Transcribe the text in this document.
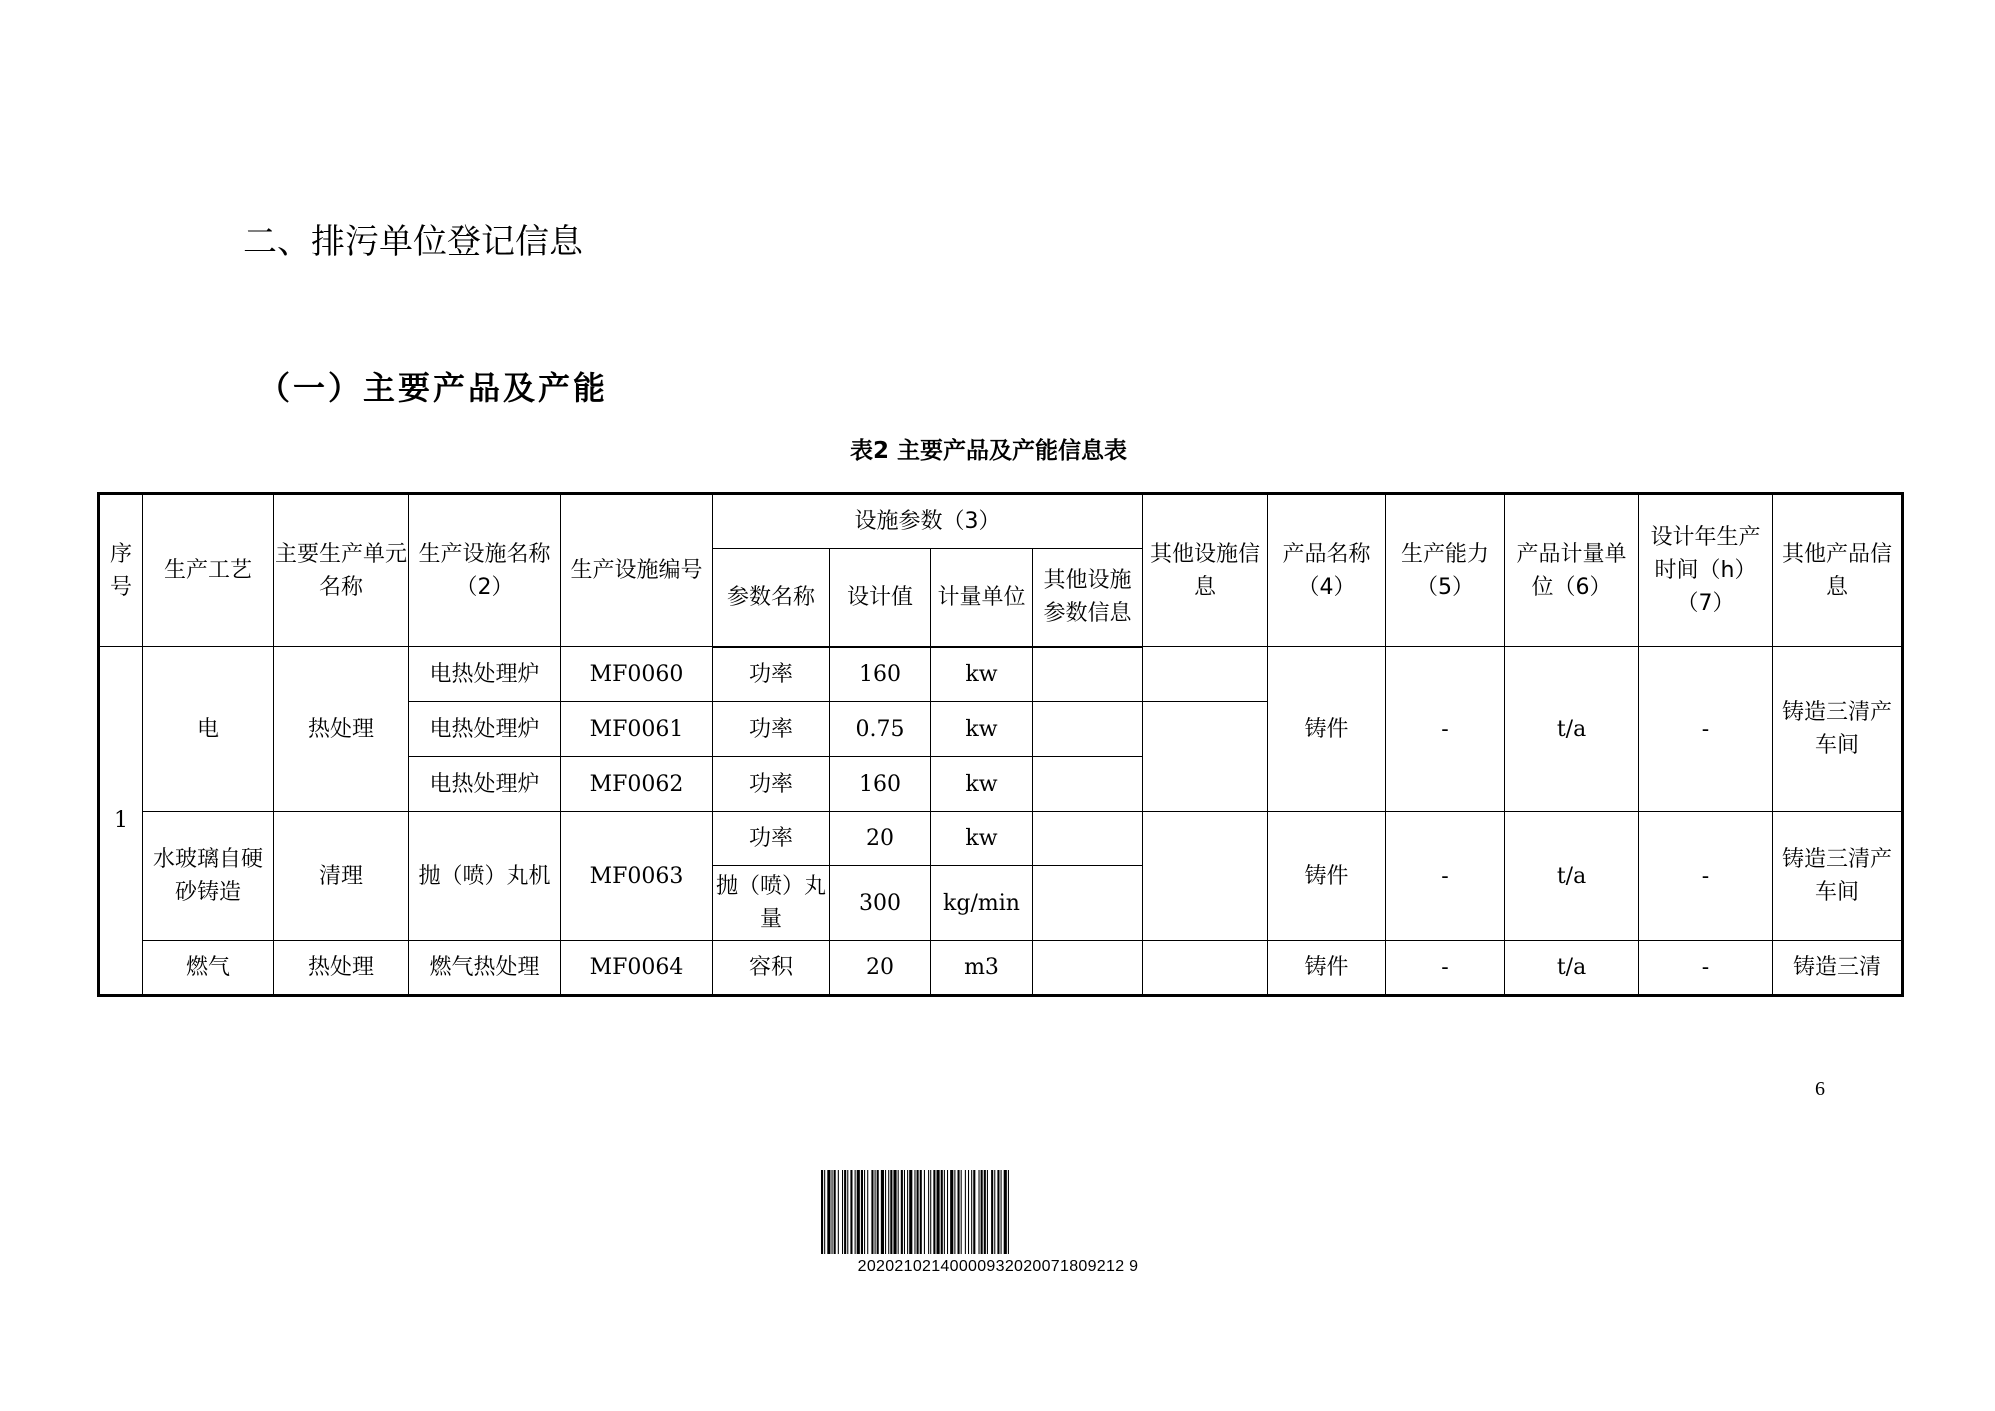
二、排污单位登记信息
（一）主要产品及产能
表2 主要产品及产能信息表
序号	生产工艺	主要生产单元名称	生产设施名称（2）	生产设施编号	设施参数（3）				其他设施信息	产品名称（4）	生产能力（5）	产品计量单位（6）	设计年生产时间（h）（7）	其他产品信息
					参数名称	设计值	计量单位	其他设施参数信息						
1	电	热处理	电热处理炉	MF0060	功率	160	kw			铸件	-	t/a	-	铸造三清产车间
			电热处理炉	MF0061	功率	0.75	kw							
			电热处理炉	MF0062	功率	160	kw							
	水玻璃自硬砂铸造	清理	抛（喷）丸机	MF0063	功率	20	kw			铸件	-	t/a	-	铸造三清产车间
					抛（喷）丸量	300	kg/min							
	燃气	热处理	燃气热处理	MF0064	容积	20	m3			铸件	-	t/a	-	铸造三清
6
20202102140000932020071809212 9
